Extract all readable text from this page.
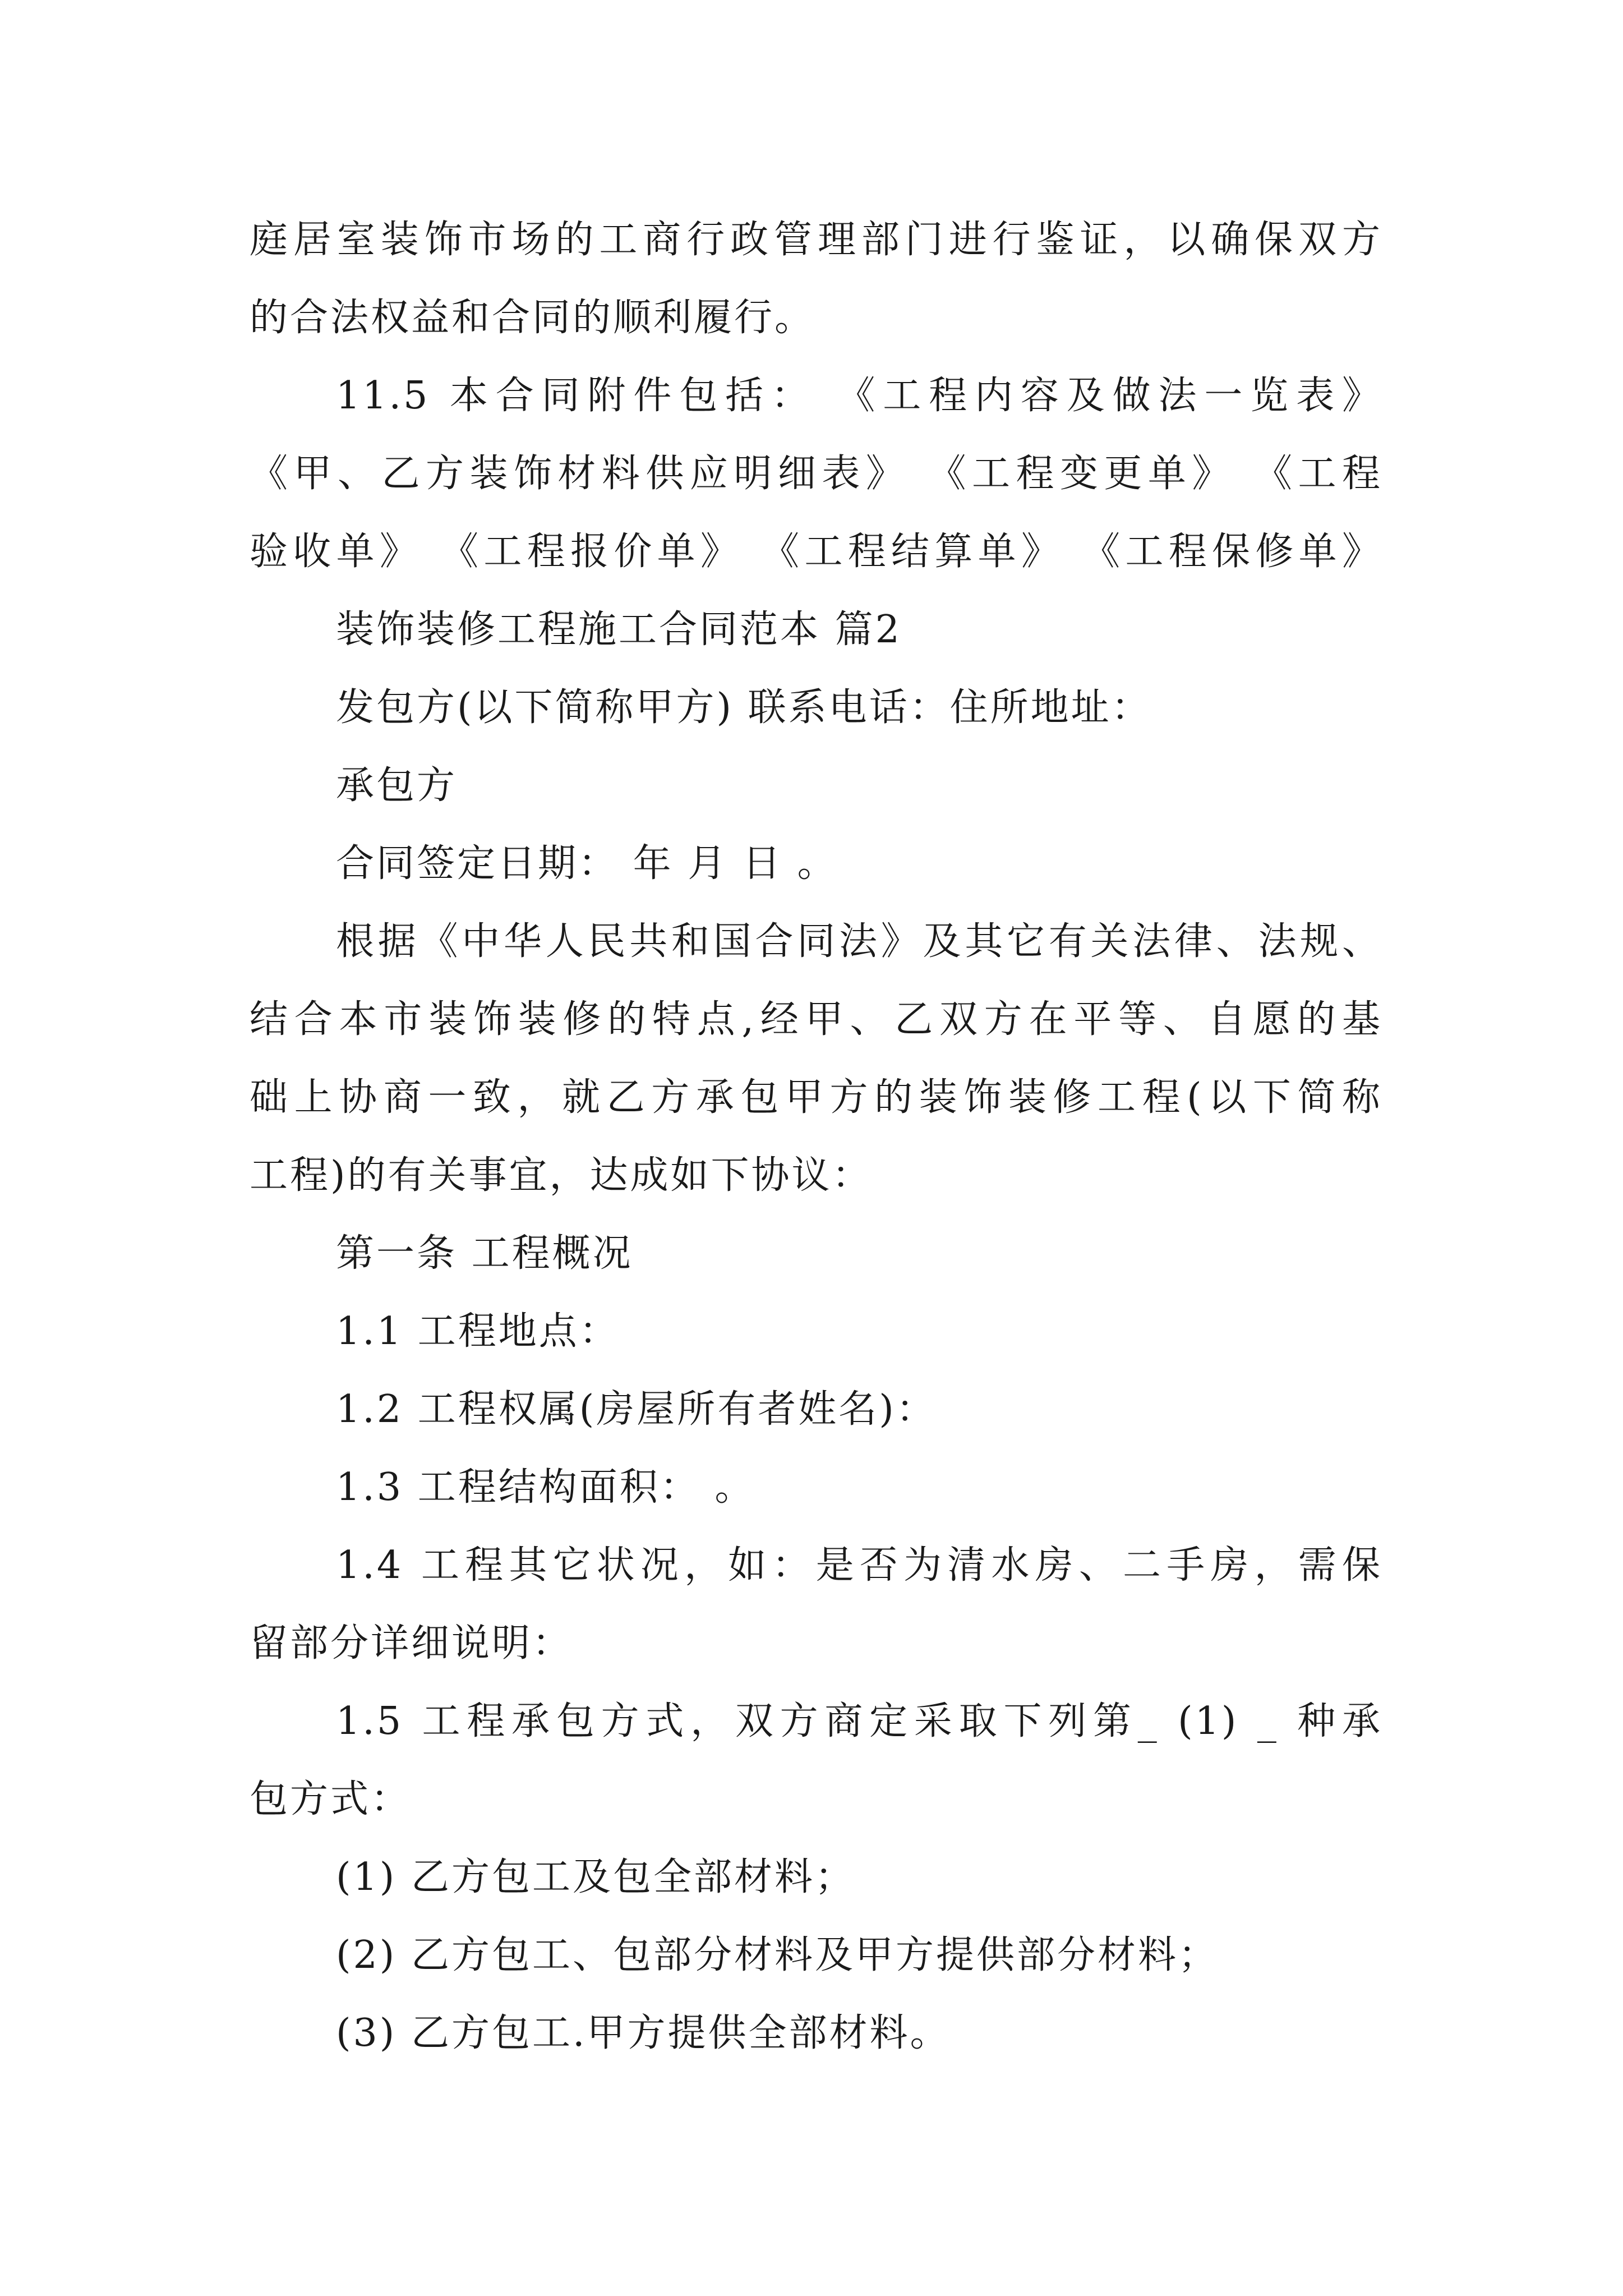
庭居室装饰市场的工商行政管理部门进行鉴证，以确保双方
的合法权益和合同的顺利履行。
11.5 本合同附件包括： 《工程内容及做法一览表》
《甲、乙方装饰材料供应明细表》 《工程变更单》 《工程
验收单》 《工程报价单》 《工程结算单》 《工程保修单》
装饰装修工程施工合同范本 篇2
发包方(以下简称甲方) 联系电话：住所地址：
承包方
合同签定日期： 年 月 日 。
根据《中华人民共和国合同法》及其它有关法律、法规、
结合本市装饰装修的特点,经甲、乙双方在平等、自愿的基
础上协商一致，就乙方承包甲方的装饰装修工程(以下简称
工程)的有关事宜，达成如下协议：
第一条 工程概况
1.1 工程地点：
1.2 工程权属(房屋所有者姓名)：
1.3 工程结构面积： 。
1.4 工程其它状况，如：是否为清水房、二手房，需保
留部分详细说明：
1.5 工程承包方式，双方商定采取下列第_ (1) _ 种承
包方式：
(1) 乙方包工及包全部材料；
(2) 乙方包工、包部分材料及甲方提供部分材料；
(3) 乙方包工.甲方提供全部材料。
